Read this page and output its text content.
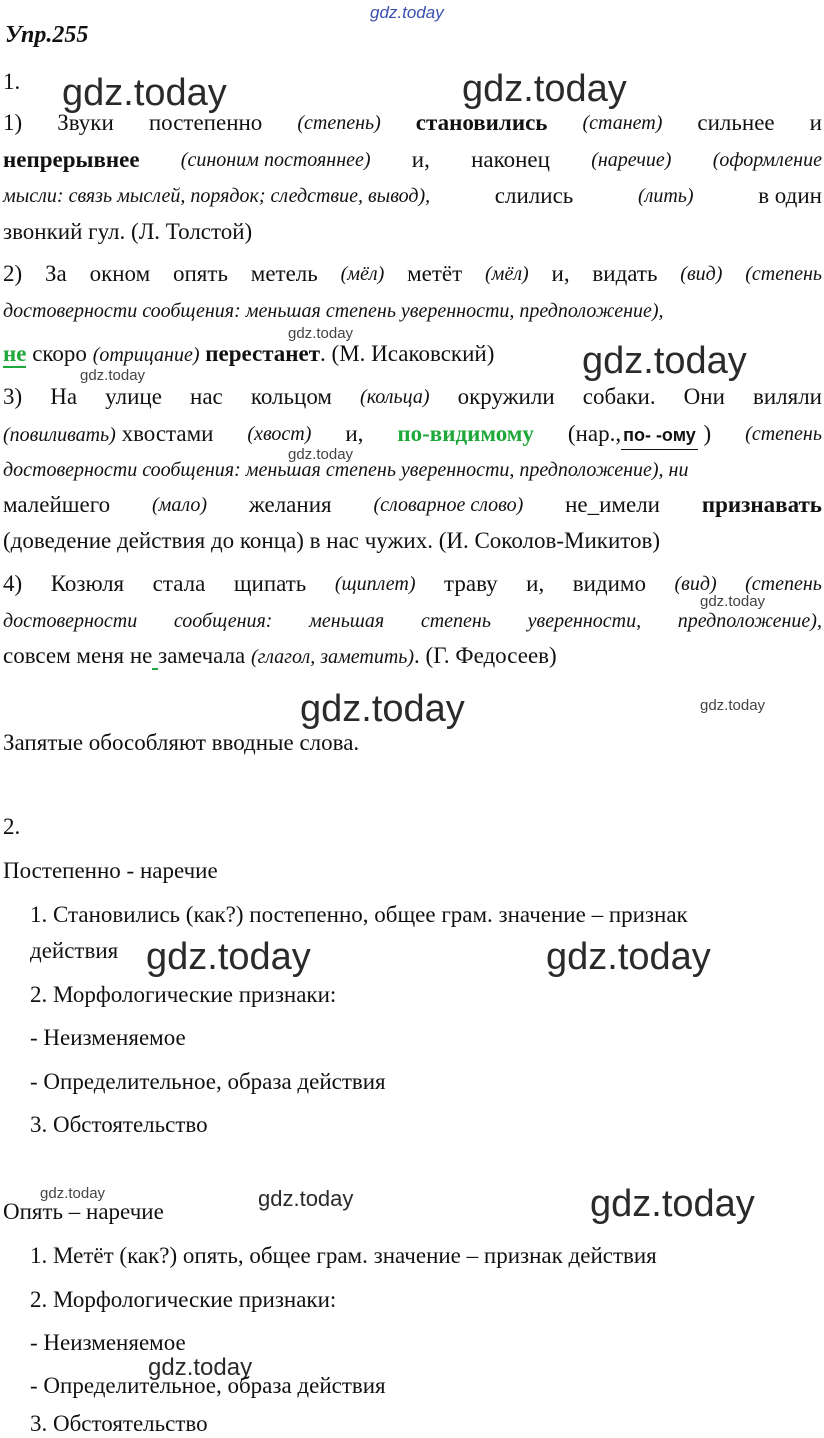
gdz.today
Упр.255
1.	gdz.today	gdz.today
1) Звуки постепенно (степень) становились (станет) сильнее и
непрерывнее (синоним постояннее) и, наконец (наречие) (оформление
мысли: связь мыслей, порядок; следствие, вывод),	слились	(лить)	в один
звонкий гул. (Л. Толстой)
2) За окном опять метель (мёл) метёт (мёл) и, видать (вид) (степень
достоверности сообщения: меньшая степень уверенности, предположение),
gdz.today
не скоро (отрицание) перестанет. (М. Исаковский)	gdz.today
gdz.today
3) На улице нас кольцом (кольца) окружили собаки. Они виляли
(повиливать) хвостами (хвост) и, по-видимому (нар., по- -ому ) (степень
gdz.today
достоверности сообщения: меньшая степень уверенности, предположение), ни
малейшего (мало) желания (словарное слово) не_имели признавать
(доведение действия до конца) в нас чужих. (И. Соколов-Микитов)
4) Козюля стала щипать (щиплет) траву и, видимо (вид) (степень
gdz.today
достоверности сообщения: меньшая степень уверенности, предположение),
совсем меня не замечала (глагол, заметить). (Г. Федосеев)
gdz.today	gdz.today
Запятые обособляют вводные слова.
2.
Постепенно - наречие
1. Становились (как?) постепенно, общее грам. значение – признак
действия gdz.today	gdz.today
2. Морфологические признаки:
- Неизменяемое
- Определительное, образа действия
3. Обстоятельство
gdz.today	gdz.today	gdz.today
Опять – наречие
1. Метёт (как?) опять, общее грам. значение – признак действия
2. Морфологические признаки:
- Неизменяемое
gdz.today
- Определительное, образа действия
3. Обстоятельство
